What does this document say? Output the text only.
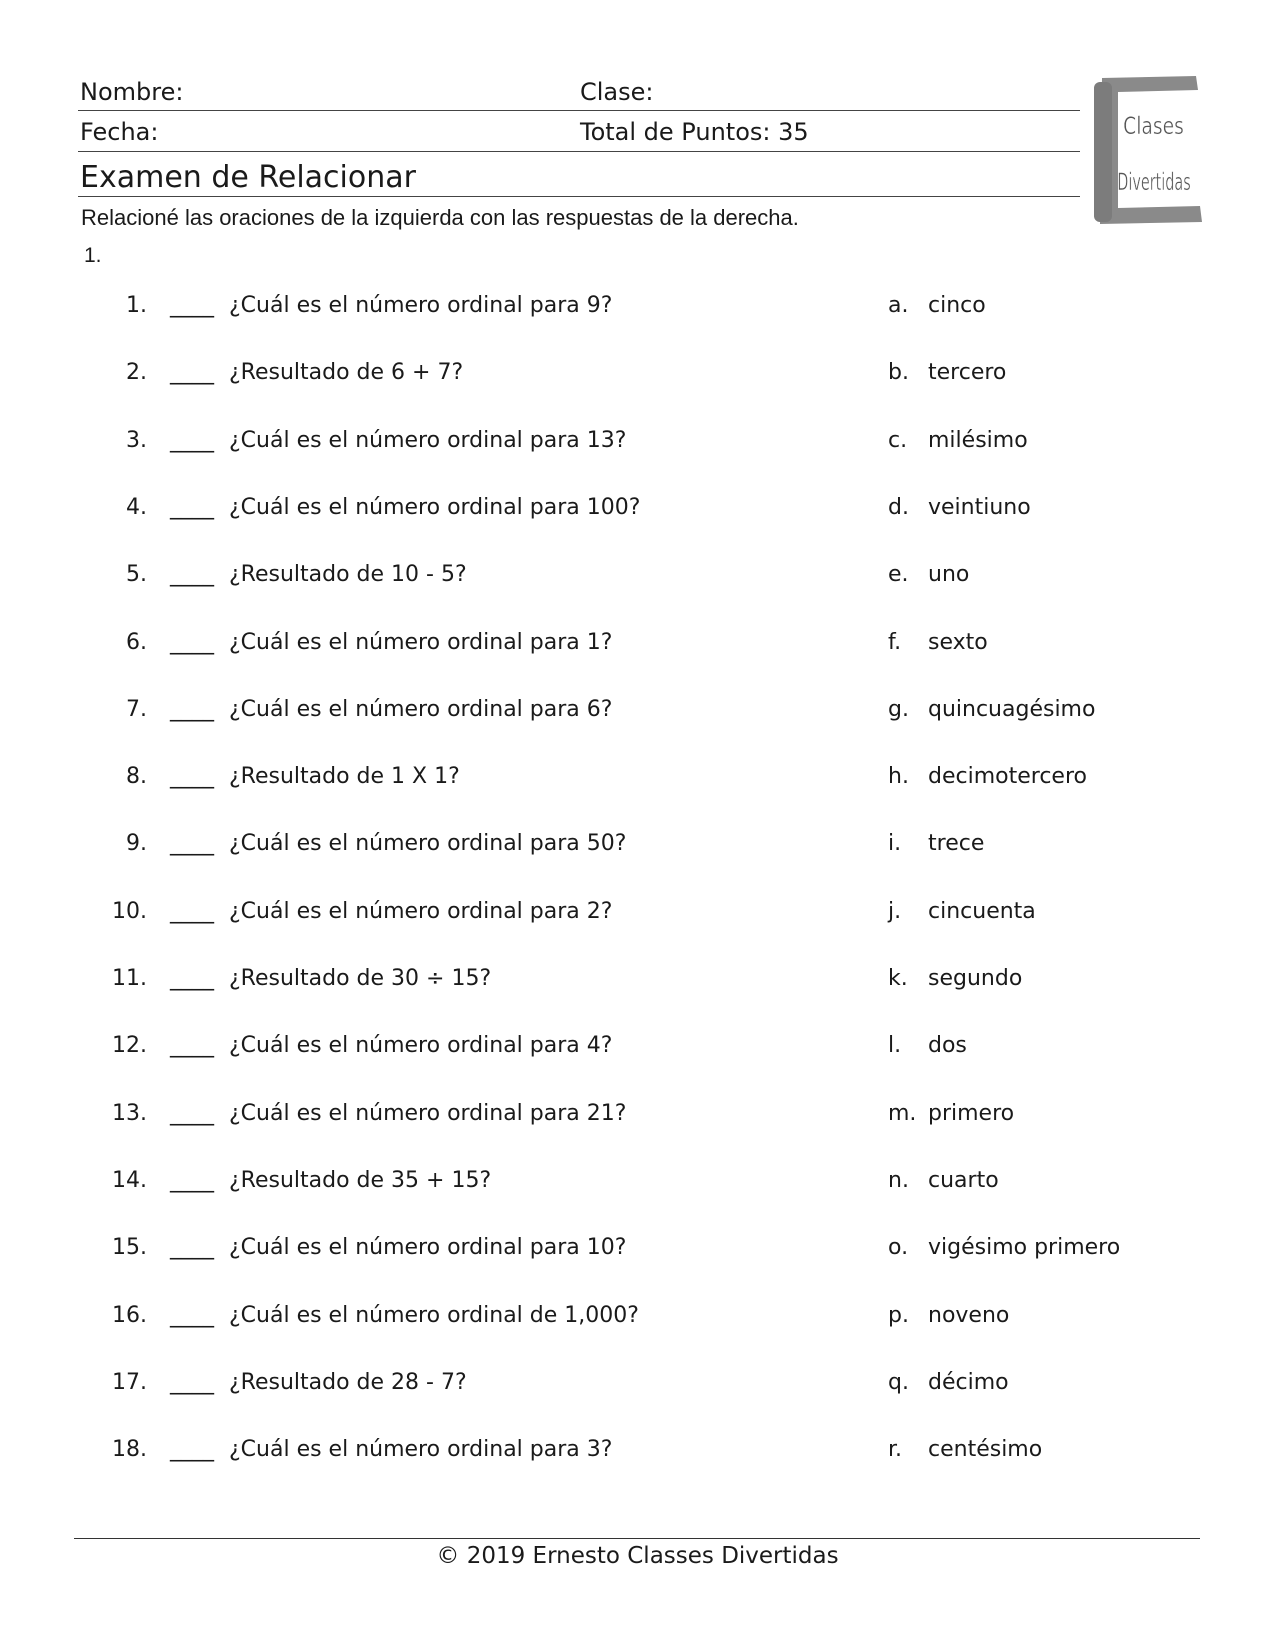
Nombre:	Clase:
Fecha:	Total de Puntos: 35
Examen de Relacionar
Clases
Divertidas
Relacioné las oraciones de la izquierda con las respuestas de la derecha.
1.
1. ____ ¿Cuál es el número ordinal para 9?	a. cinco
2. ____ ¿Resultado de 6 + 7?	b. tercero
3. ____ ¿Cuál es el número ordinal para 13?	c. milésimo
4. ____ ¿Cuál es el número ordinal para 100?	d. veintiuno
5. ____ ¿Resultado de 10 - 5?	e. uno
6. ____ ¿Cuál es el número ordinal para 1?	f. sexto
7. ____ ¿Cuál es el número ordinal para 6?	g. quincuagésimo
8. ____ ¿Resultado de 1 X 1?	h. decimotercero
9. ____ ¿Cuál es el número ordinal para 50?	i. trece
10. ____ ¿Cuál es el número ordinal para 2?	j. cincuenta
11. ____ ¿Resultado de 30 ÷ 15?	k. segundo
12. ____ ¿Cuál es el número ordinal para 4?	l. dos
13. ____ ¿Cuál es el número ordinal para 21?	m. primero
14. ____ ¿Resultado de 35 + 15?	n. cuarto
15. ____ ¿Cuál es el número ordinal para 10?	o. vigésimo primero
16. ____ ¿Cuál es el número ordinal de 1,000?	p. noveno
17. ____ ¿Resultado de 28 - 7?	q. décimo
18. ____ ¿Cuál es el número ordinal para 3?	r. centésimo
© 2019 Ernesto Classes Divertidas
